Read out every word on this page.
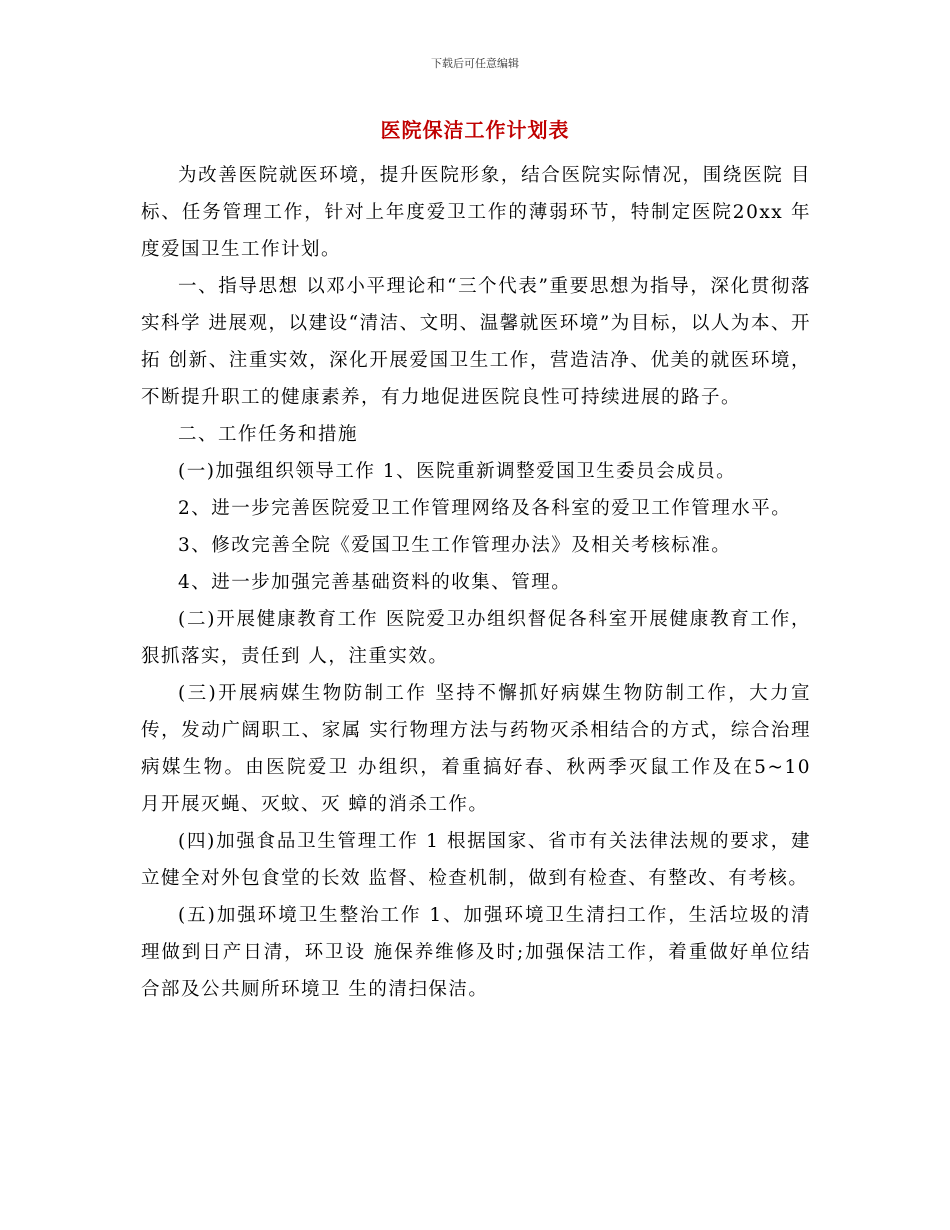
下载后可任意编辑
医院保洁工作计划表

为改善医院就医环境，提升医院形象，结合医院实际情况，围绕医院 目标、任务管理工作，针对上年度爱卫工作的薄弱环节，特制定医院20xx 年度爱国卫生工作计划。

一、指导思想 以邓小平理论和“三个代表”重要思想为指导，深化贯彻落实科学 进展观，以建设“清洁、文明、温馨就医环境”为目标，以人为本、开拓 创新、注重实效，深化开展爱国卫生工作，营造洁净、优美的就医环境， 不断提升职工的健康素养，有力地促进医院良性可持续进展的路子。

二、工作任务和措施

(一)加强组织领导工作 1、医院重新调整爱国卫生委员会成员。

2、进一步完善医院爱卫工作管理网络及各科室的爱卫工作管理水平。

3、修改完善全院《爱国卫生工作管理办法》及相关考核标准。

4、进一步加强完善基础资料的收集、管理。

(二)开展健康教育工作 医院爱卫办组织督促各科室开展健康教育工作，狠抓落实，责任到 人，注重实效。

(三)开展病媒生物防制工作 坚持不懈抓好病媒生物防制工作，大力宣传，发动广阔职工、家属 实行物理方法与药物灭杀相结合的方式，综合治理病媒生物。由医院爱卫 办组织，着重搞好春、秋两季灭鼠工作及在5~10 月开展灭蝇、灭蚊、灭 蟑的消杀工作。

(四)加强食品卫生管理工作 1 根据国家、省市有关法律法规的要求，建立健全对外包食堂的长效 监督、检查机制，做到有检查、有整改、有考核。

(五)加强环境卫生整治工作 1、加强环境卫生清扫工作，生活垃圾的清理做到日产日清，环卫设 施保养维修及时;加强保洁工作，着重做好单位结合部及公共厕所环境卫 生的清扫保洁。
